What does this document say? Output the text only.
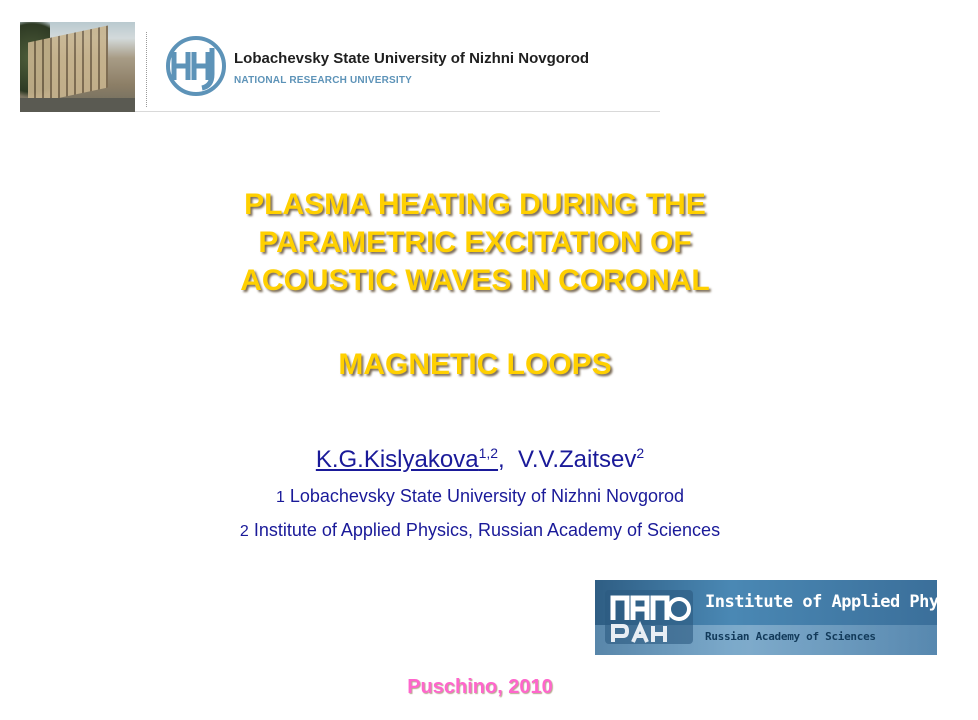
Lobachevsky State University of Nizhni Novgorod
NATIONAL RESEARCH UNIVERSITY
PLASMA HEATING DURING THE
PARAMETRIC EXCITATION OF
ACOUSTIC WAVES IN CORONAL
MAGNETIC LOOPS
K.G.Kislyakova$^{1,2}$, V.V.Zaitsev$^2$
1 Lobachevsky State University of Nizhni Novgorod
2 Institute of Applied Physics, Russian Academy of Sciences
Institute of Applied Physics
Russian Academy of Sciences
Puschino, 2010
